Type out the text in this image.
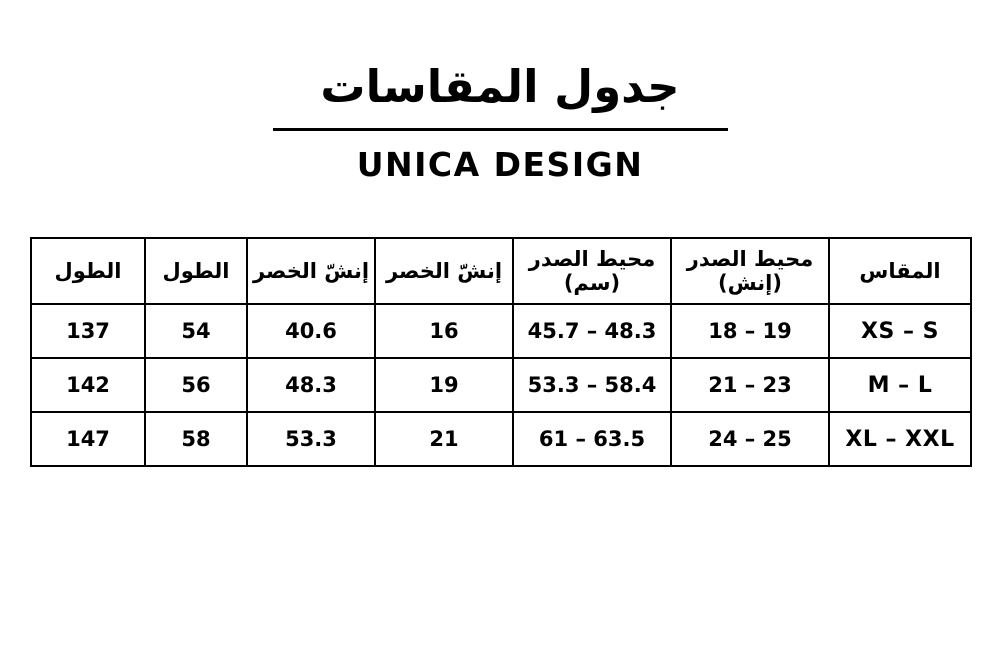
جدول المقاسات
UNICA DESIGN
المقاس	محيط الصدر (إنش)	محيط الصدر (سم)	إنشّ الخصر	إنشّ الخصر	الطول	الطول
XS – S	18 – 19	45.7 – 48.3	16	40.6	54	137
M – L	21 – 23	53.3 – 58.4	19	48.3	56	142
XL – XXL	24 – 25	61 – 63.5	21	53.3	58	147
